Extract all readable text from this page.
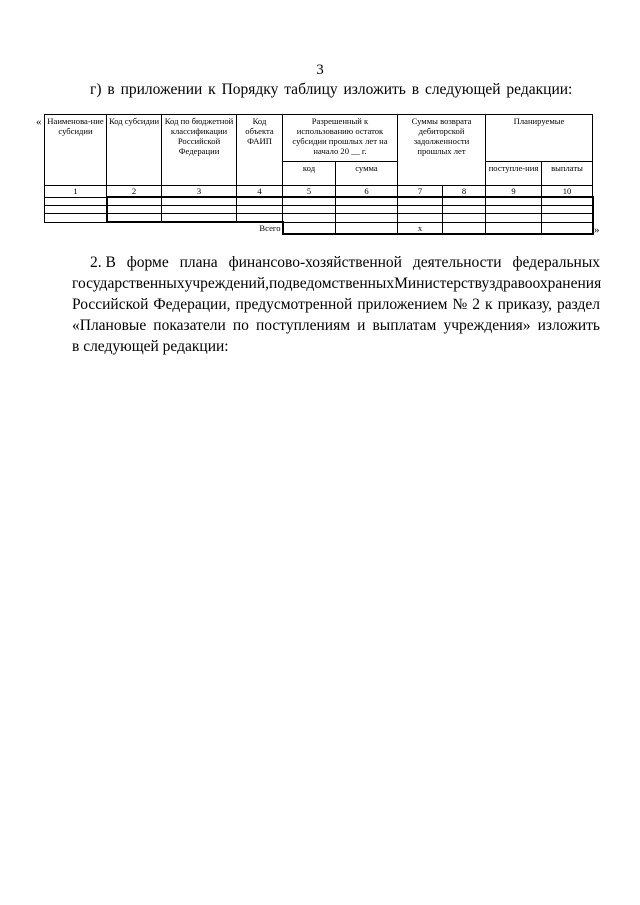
3
г) в приложении к Порядку таблицу изложить в следующей редакции:
«
»
Наименова-ние субсидии	Код субсидии	Код по бюджетной классификации Российской Федерации	Код объекта ФАИП	Разрешенный к использованию остаток субсидии прошлых лет на начало 20 __ г.		Суммы возврата дебиторской задолженности прошлых лет		Планируемые	
				код	сумма			поступле-ния	выплаты

1	2	3	4	5	6	7	8	9	10

			Всего			x			
2. В форме плана финансово-хозяйственной деятельности федеральных
государственных учреждений, подведомственных Министерству здравоохранения
Российской Федерации, предусмотренной приложением № 2 к приказу, раздел
«Плановые показатели по поступлениям и выплатам учреждения» изложить
в следующей редакции:
